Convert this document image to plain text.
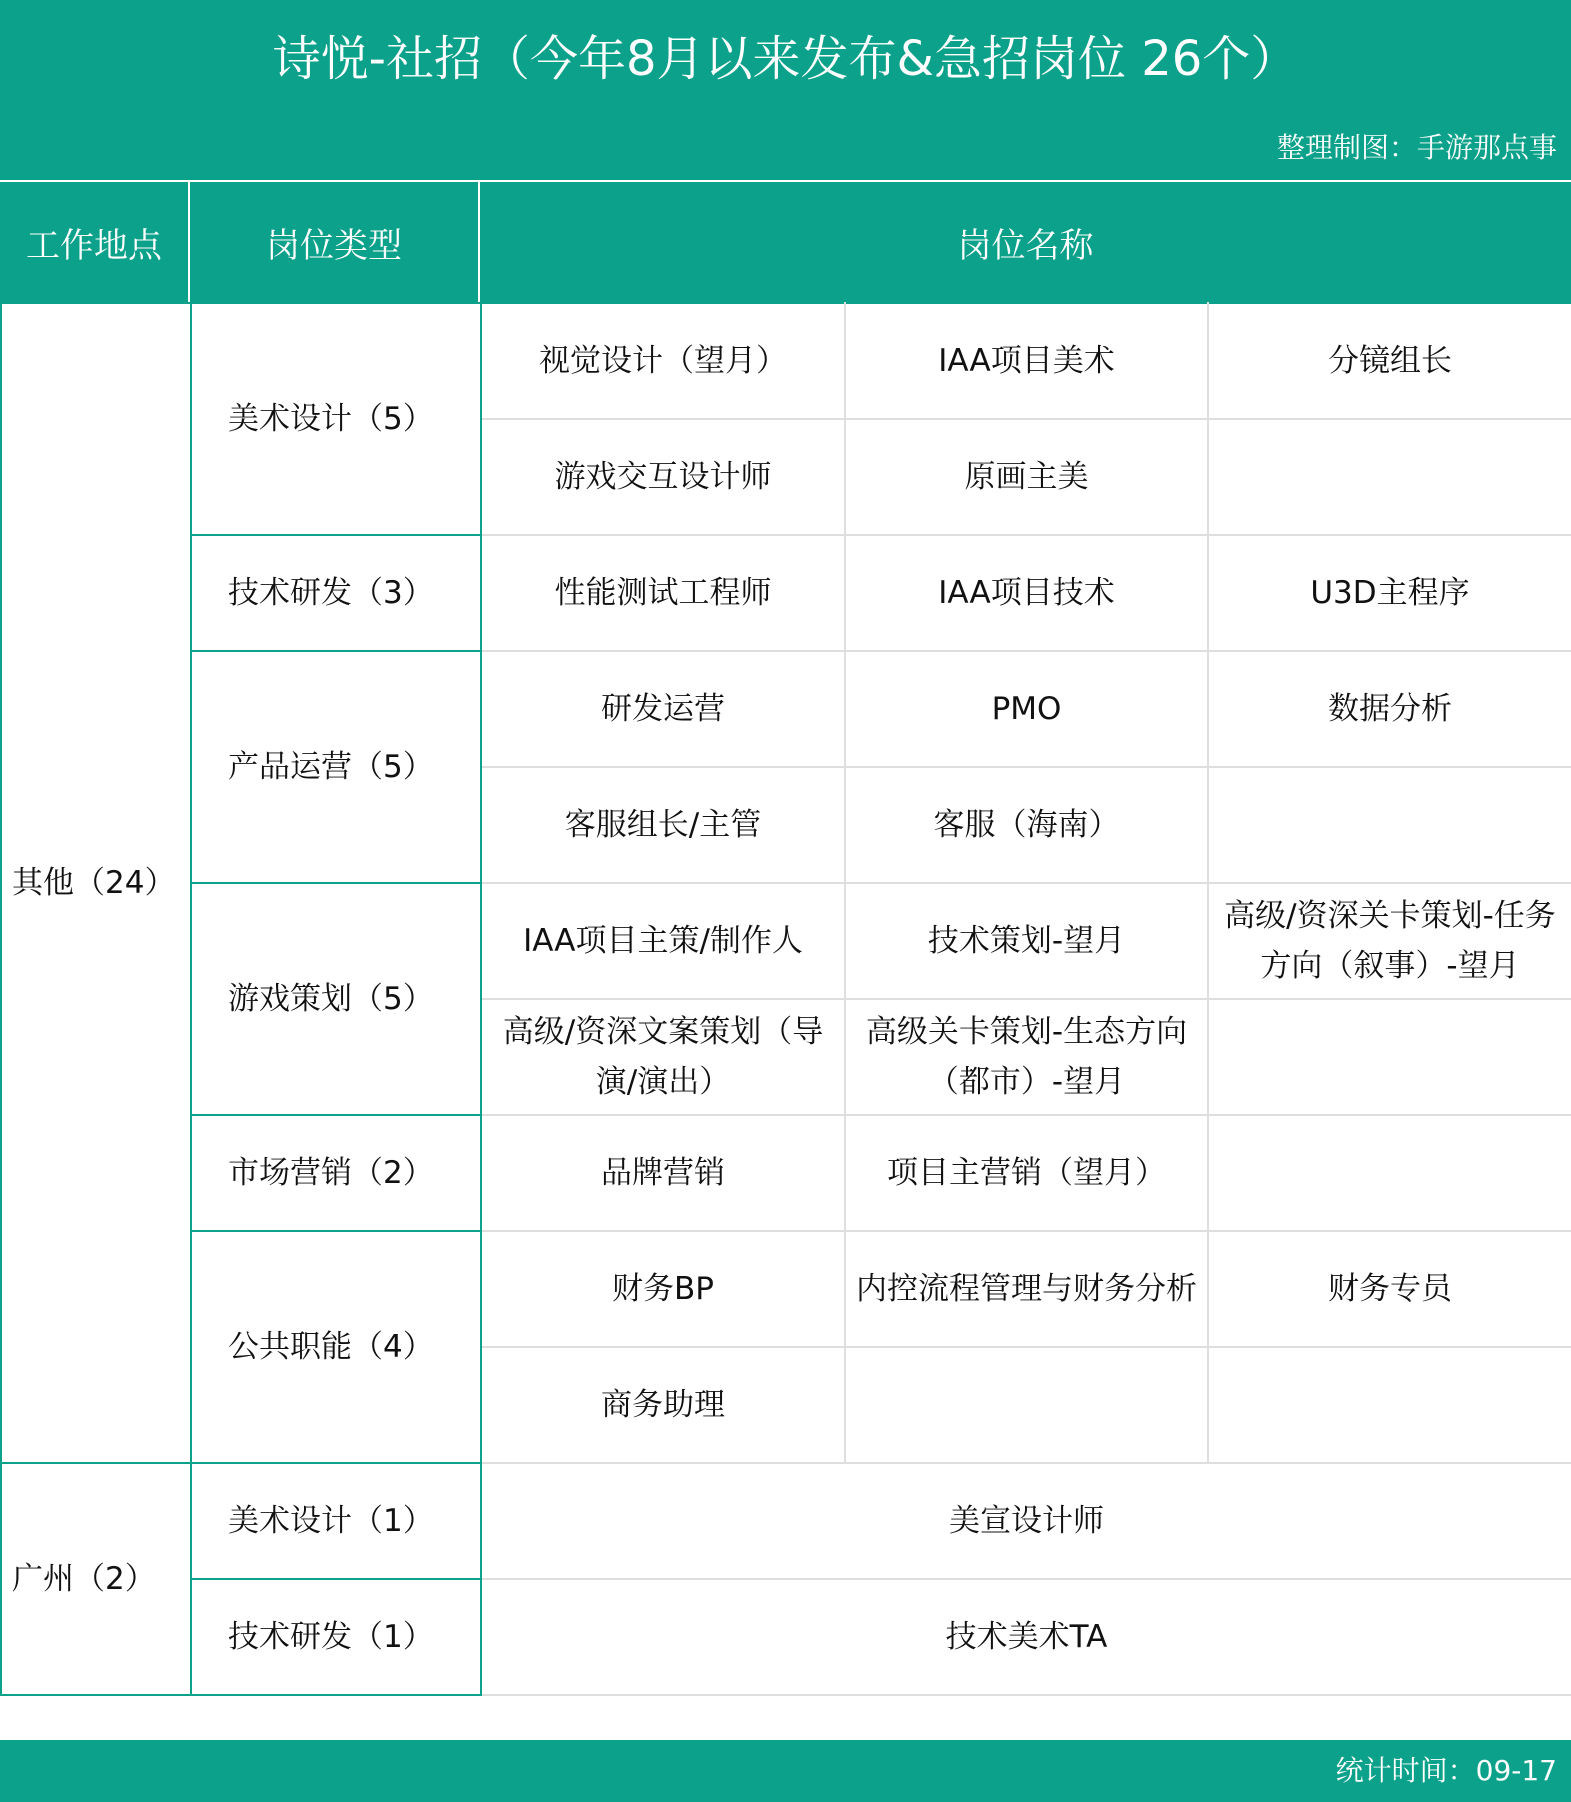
诗悦-社招（今年8月以来发布&急招岗位 26个）
整理制图：手游那点事
工作地点	岗位类型	岗位名称
其他（24）	美术设计（5）	视觉设计（望月）	IAA项目美术	分镜组长
		游戏交互设计师	原画主美	
	技术研发（3）	性能测试工程师	IAA项目技术	U3D主程序
	产品运营（5）	研发运营	PMO	数据分析
		客服组长/主管	客服（海南）	
	游戏策划（5）	IAA项目主策/制作人	技术策划-望月	高级/资深关卡策划-任务方向（叙事）-望月
		高级/资深文案策划（导演/演出）	高级关卡策划-生态方向（都市）-望月	
	市场营销（2）	品牌营销	项目主营销（望月）	
	公共职能（4）	财务BP	内控流程管理与财务分析	财务专员
		商务助理		
广州（2）	美术设计（1）	美宣设计师		
	技术研发（1）	技术美术TA		
统计时间：09-17
